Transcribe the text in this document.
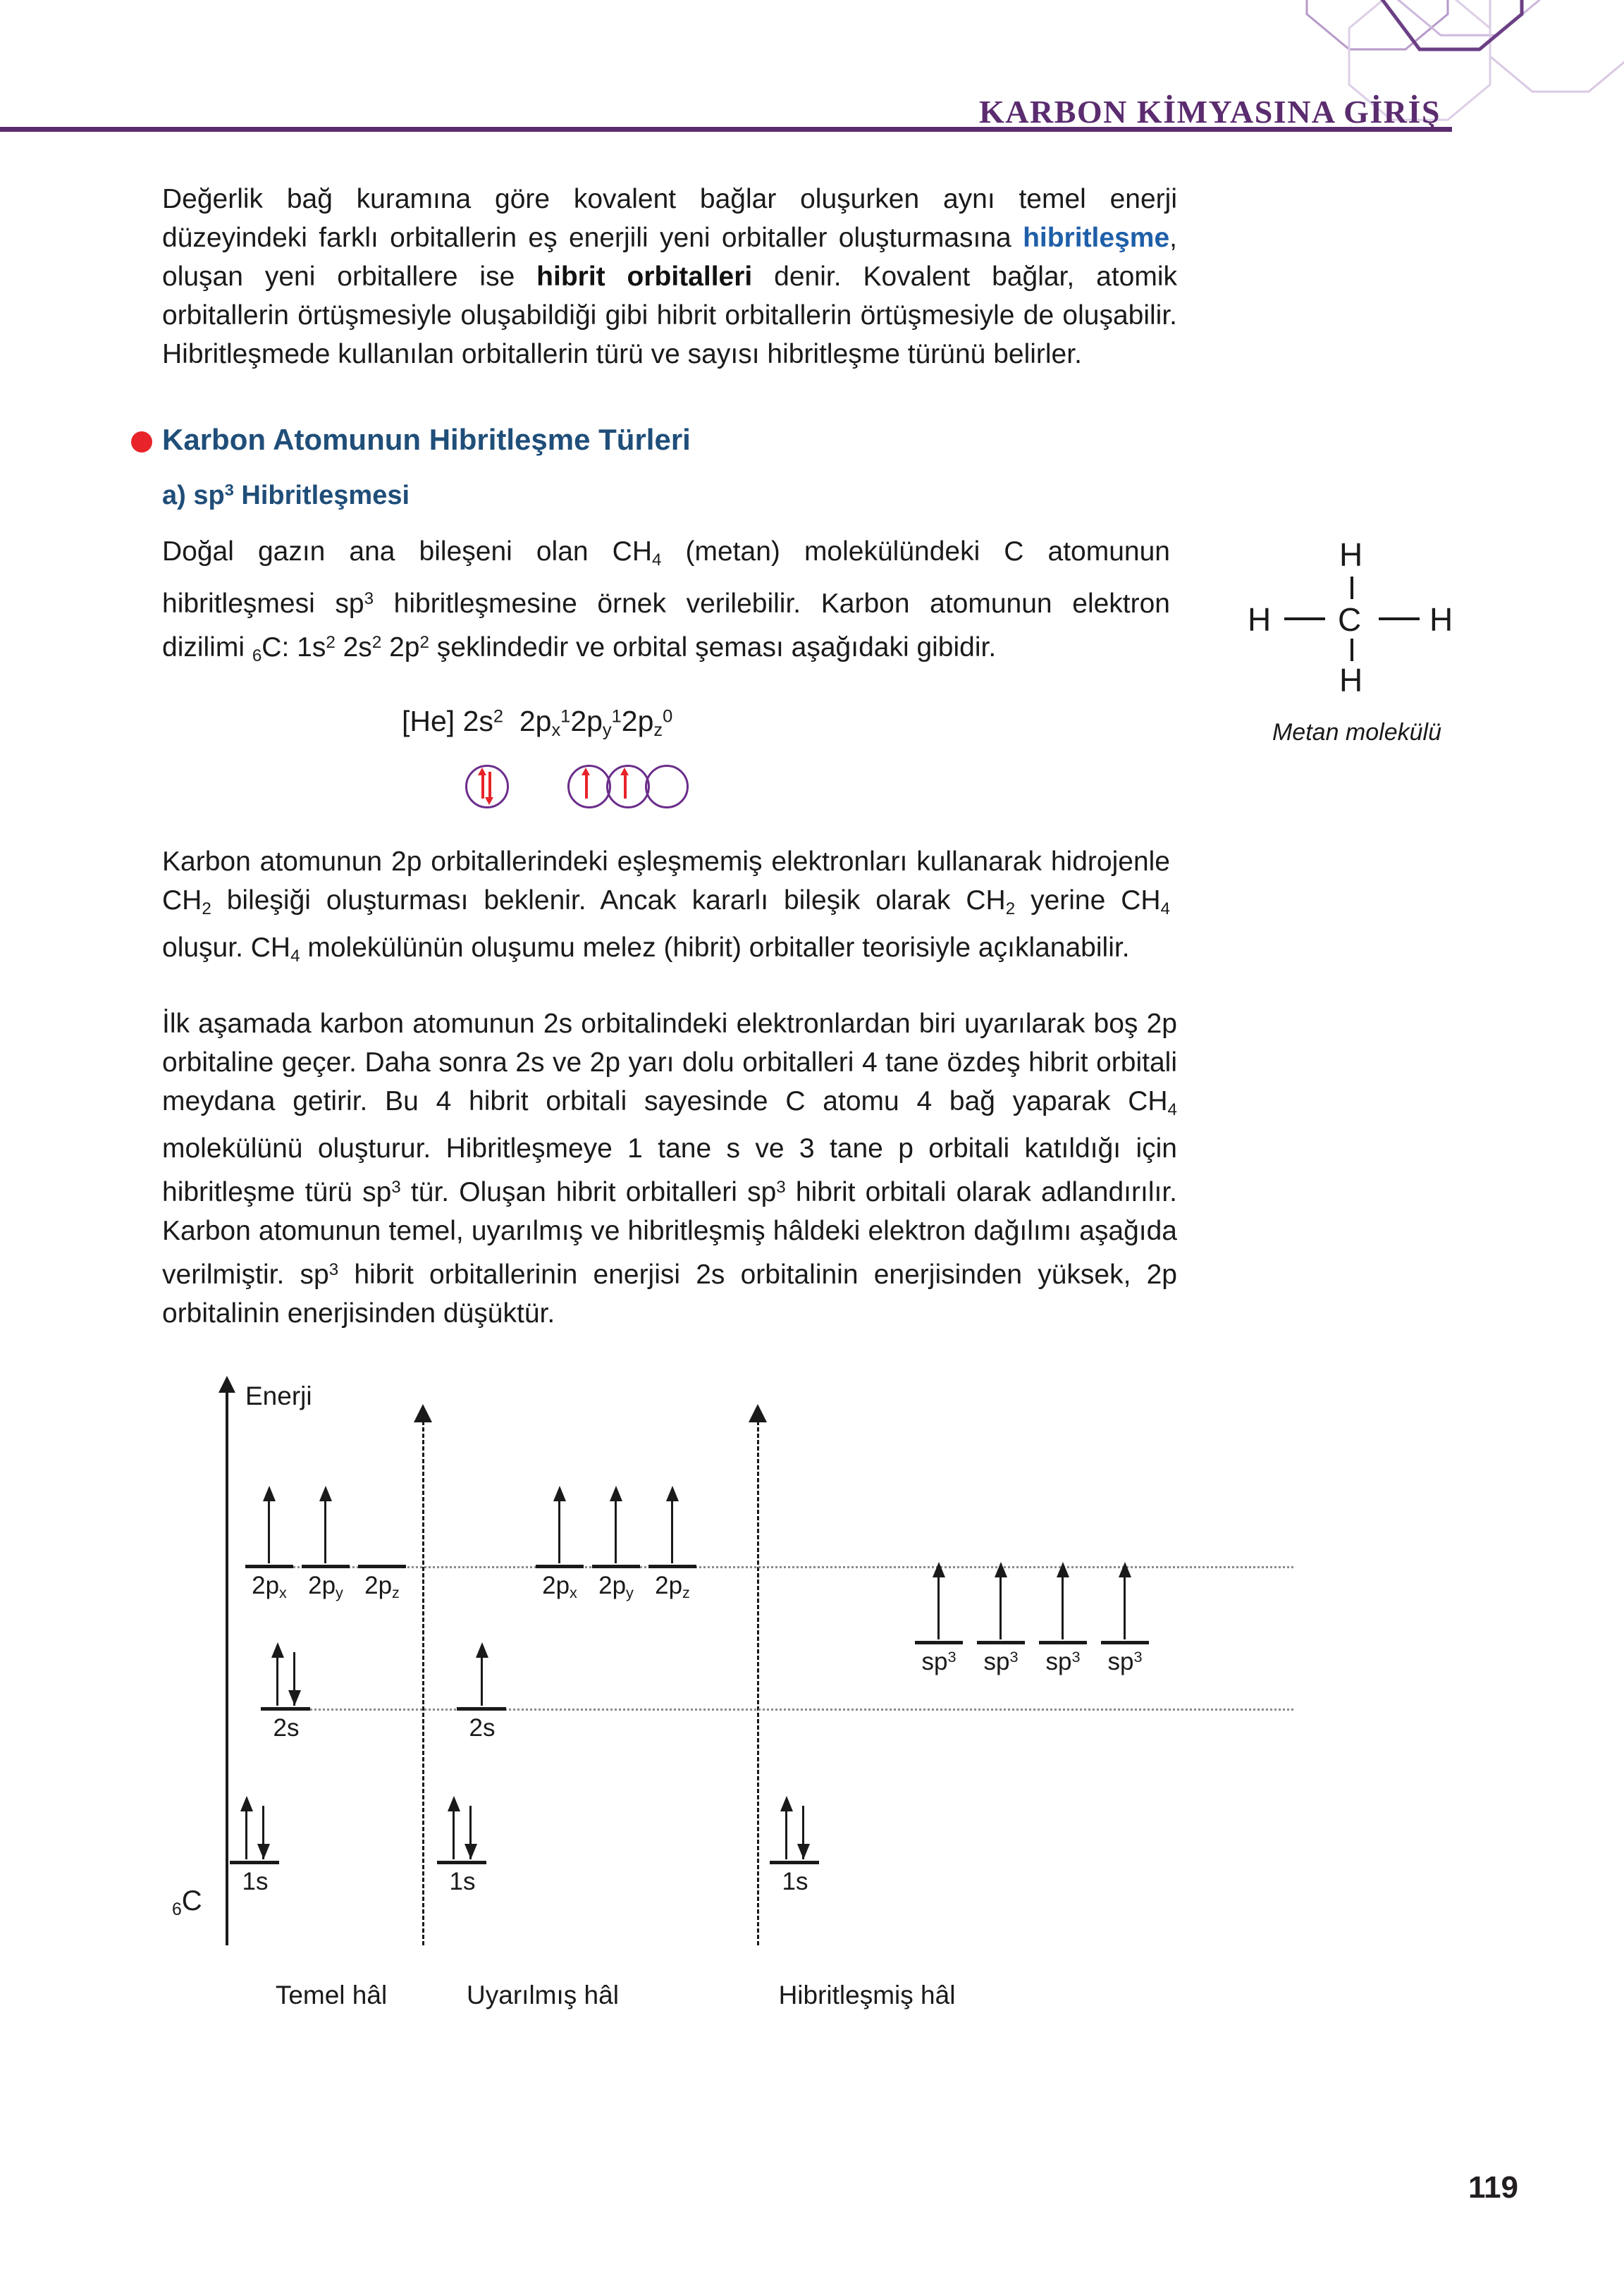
KARBON KİMYASINA GİRİŞ

Değerlik bağ kuramına göre kovalent bağlar oluşurken aynı temel enerji düzeyindeki farklı orbitallerin eş enerjili yeni orbitaller oluşturmasına hibritleşme, oluşan yeni orbitallere ise hibrit orbitalleri denir. Kovalent bağlar, atomik orbitallerin örtüşmesiyle oluşabildiği gibi hibrit orbitallerin örtüşmesiyle de oluşabilir. Hibritleşmede kullanılan orbitallerin türü ve sayısı hibritleşme türünü belirler.

Karbon Atomunun Hibritleşme Türleri
a) $sp^3$ Hibritleşmesi

Doğal gazın ana bileşeni olan $CH_4$ (metan) molekülündeki C atomunun hibritleşmesi $sp^3$ hibritleşmesine örnek verilebilir. Karbon atomunun elektron dizilimi $_6$C: $1s^2$ $2s^2$ $2p^2$ şeklindedir ve orbital şeması aşağıdaki gibidir.

[He] $2s^2$ $2p_x^12p_y^12p_z^0$
H
H C H
H
Metan molekülü

Karbon atomunun 2p orbitallerindeki eşleşmemiş elektronları kullanarak hidrojenle $CH_2$ bileşiği oluşturması beklenir. Ancak kararlı bileşik olarak $CH_2$ yerine $CH_4$ oluşur. $CH_4$ molekülünün oluşumu melez (hibrit) orbitaller teorisiyle açıklanabilir.

İlk aşamada karbon atomunun 2s orbitalindeki elektronlardan biri uyarılarak boş 2p orbitaline geçer. Daha sonra 2s ve 2p yarı dolu orbitalleri 4 tane özdeş hibrit orbitali meydana getirir. Bu 4 hibrit orbitali sayesinde C atomu 4 bağ yaparak $CH_4$ molekülünü oluşturur. Hibritleşmeye 1 tane s ve 3 tane p orbitali katıldığı için hibritleşme türü $sp^3$ tür. Oluşan hibrit orbitalleri $sp^3$ hibrit orbitali olarak adlandırılır. Karbon atomunun temel, uyarılmış ve hibritleşmiş hâldeki elektron dağılımı aşağıda verilmiştir. $sp^3$ hibrit orbitallerinin enerjisi 2s orbitalinin enerjisinden yüksek, 2p orbitalinin enerjisinden düşüktür.

Enerji
$_6$C
$2p_x$ $2p_y$ $2p_z$
2s
1s
$2p_x$ $2p_y$ $2p_z$
2s
1s
$sp^3$	$sp^3$	$sp^3$	$sp^3$
1s
Temel hâl	Uyarılmış hâl	Hibritleşmiş hâl
119
